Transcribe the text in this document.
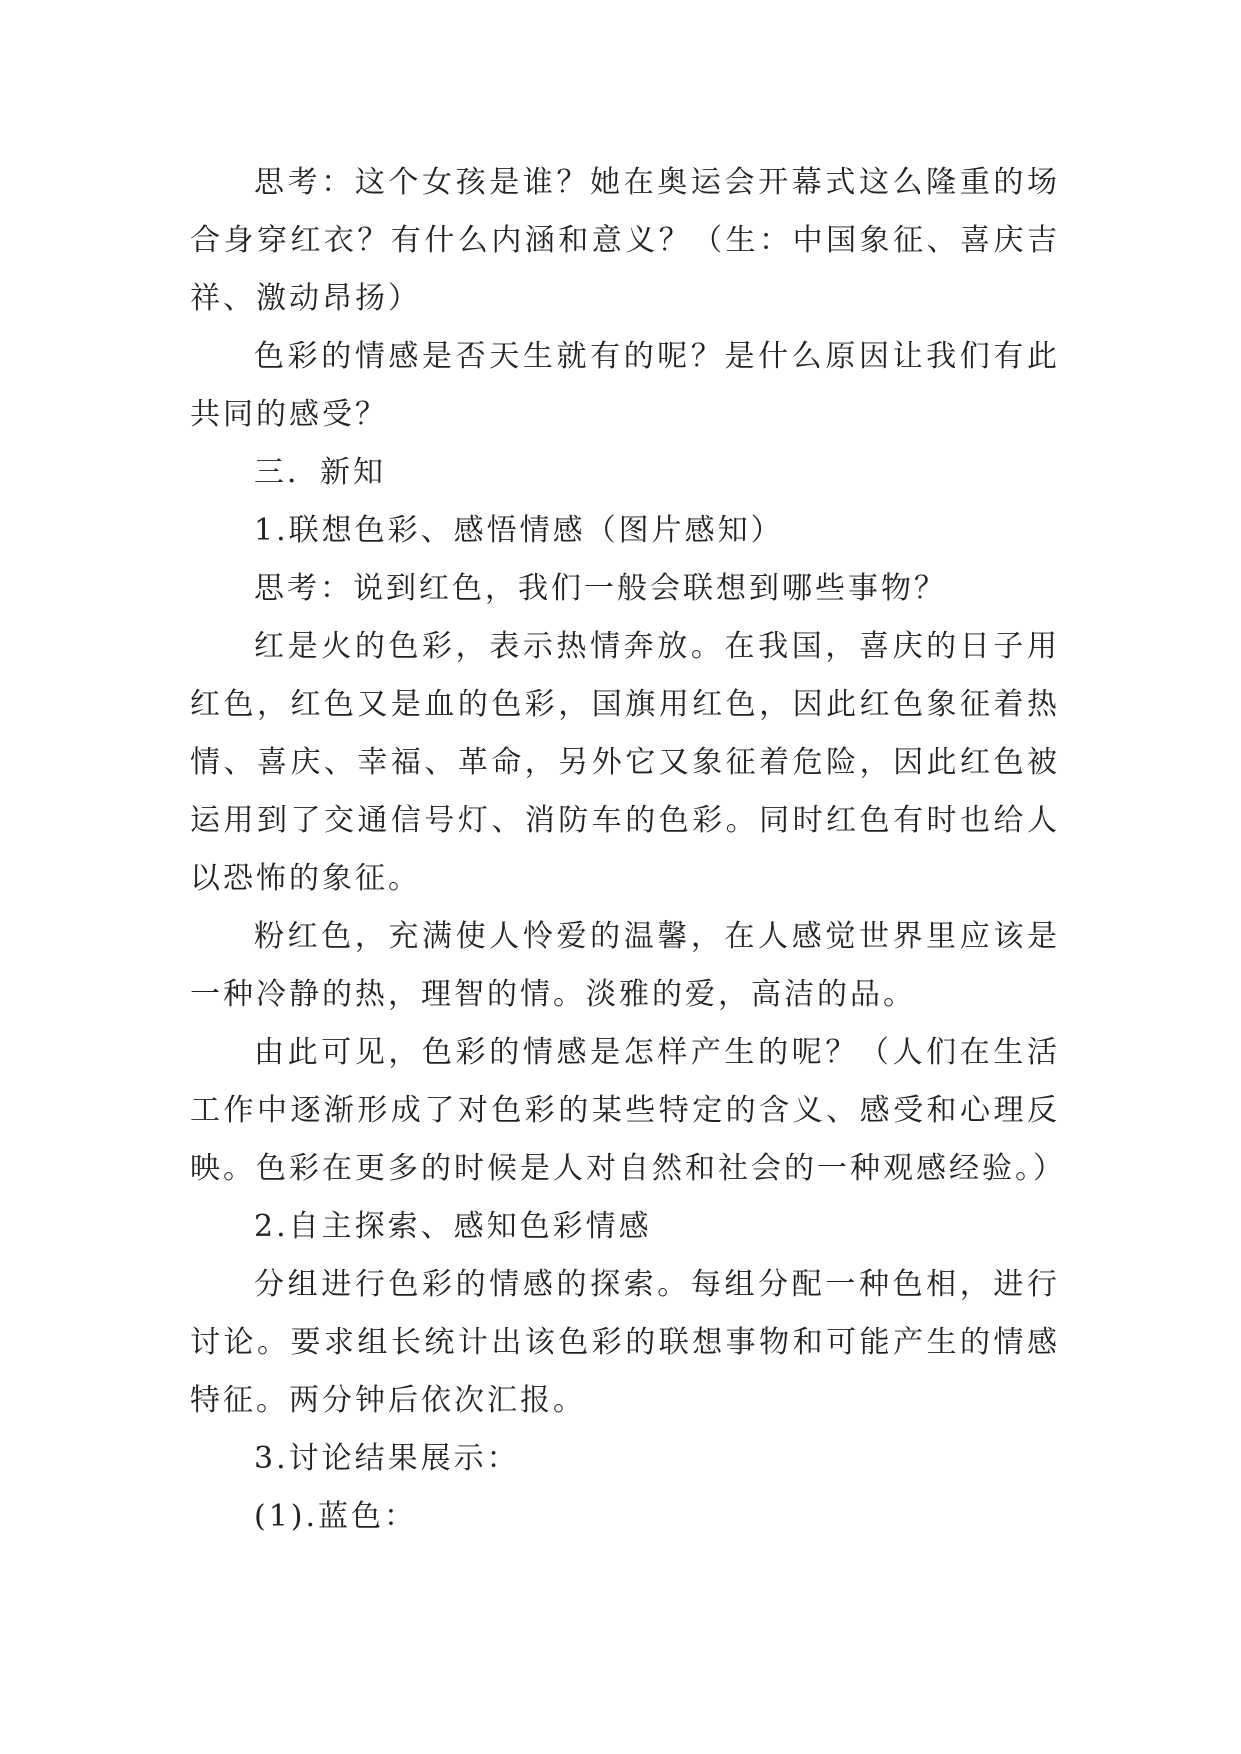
思考：这个女孩是谁？她在奥运会开幕式这么隆重的场合身穿红衣？有什么内涵和意义？（生：中国象征、喜庆吉祥、激动昂扬）

色彩的情感是否天生就有的呢？是什么原因让我们有此共同的感受？

三．新知

1.联想色彩、感悟情感（图片感知）

思考：说到红色，我们一般会联想到哪些事物？

红是火的色彩，表示热情奔放。在我国，喜庆的日子用红色，红色又是血的色彩，国旗用红色，因此红色象征着热情、喜庆、幸福、革命，另外它又象征着危险，因此红色被运用到了交通信号灯、消防车的色彩。同时红色有时也给人以恐怖的象征。

粉红色，充满使人怜爱的温馨，在人感觉世界里应该是一种冷静的热，理智的情。淡雅的爱，高洁的品。

由此可见，色彩的情感是怎样产生的呢？（人们在生活工作中逐渐形成了对色彩的某些特定的含义、感受和心理反映。色彩在更多的时候是人对自然和社会的一种观感经验。）

2.自主探索、感知色彩情感

分组进行色彩的情感的探索。每组分配一种色相，进行讨论。要求组长统计出该色彩的联想事物和可能产生的情感特征。两分钟后依次汇报。

3.讨论结果展示：

(1).蓝色：
